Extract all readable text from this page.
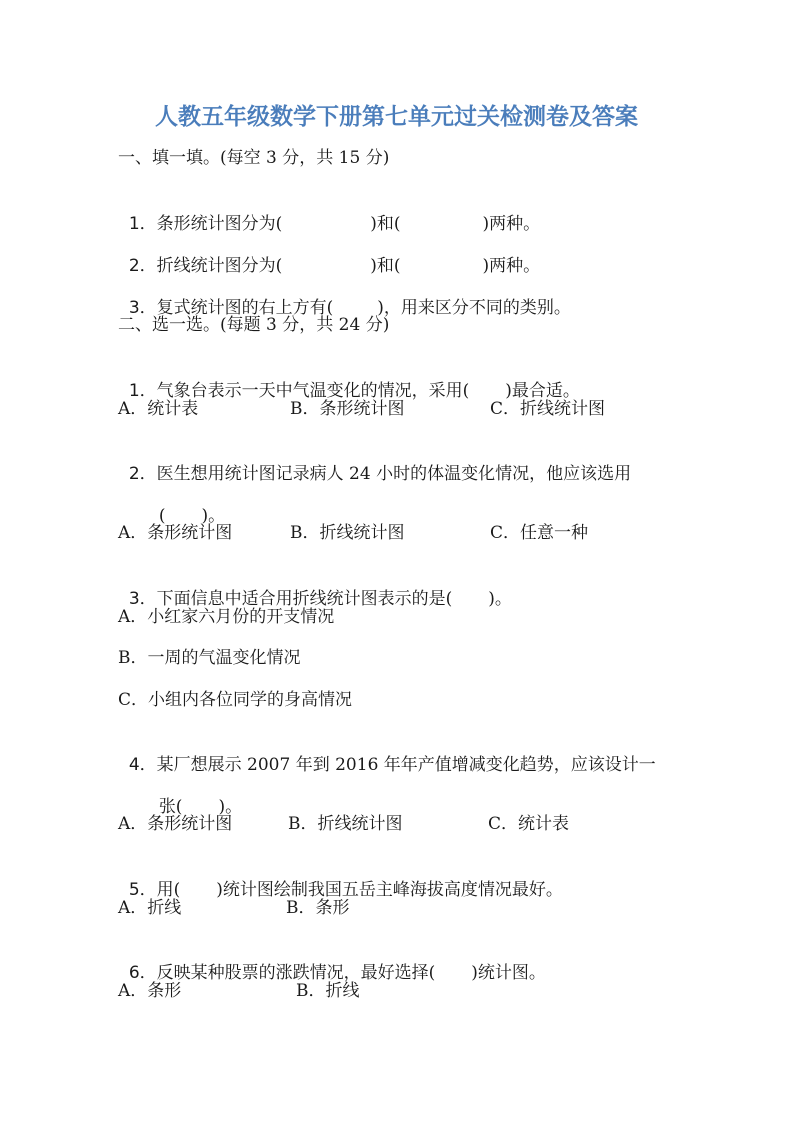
人教五年级数学下册第七单元过关检测卷及答案
一、填一填。(每空 3 分，共 15 分)

1．条形统计图分为(	)和(	)两种。

2．折线统计图分为(	)和(	)两种。

3．复式统计图的右上方有(	)，用来区分不同的类别。

二、选一选。(每题 3 分，共 24 分)

1．气象台表示一天中气温变化的情况，采用( )最合适。

A．统计表	B．条形统计图	C．折线统计图

2．医生想用统计图记录病人 24 小时的体温变化情况，他应该选用

( )。

A．条形统计图	B．折线统计图	C．任意一种

3．下面信息中适合用折线统计图表示的是( )。

A．小红家六月份的开支情况
B．一周的气温变化情况
C．小组内各位同学的身高情况

4．某厂想展示 2007 年到 2016 年年产值增减变化趋势，应该设计一

张( )。

A．条形统计图	B．折线统计图	C．统计表

5．用( )统计图绘制我国五岳主峰海拔高度情况最好。

A．折线	B．条形

6．反映某种股票的涨跌情况，最好选择( )统计图。

A．条形	B．折线
